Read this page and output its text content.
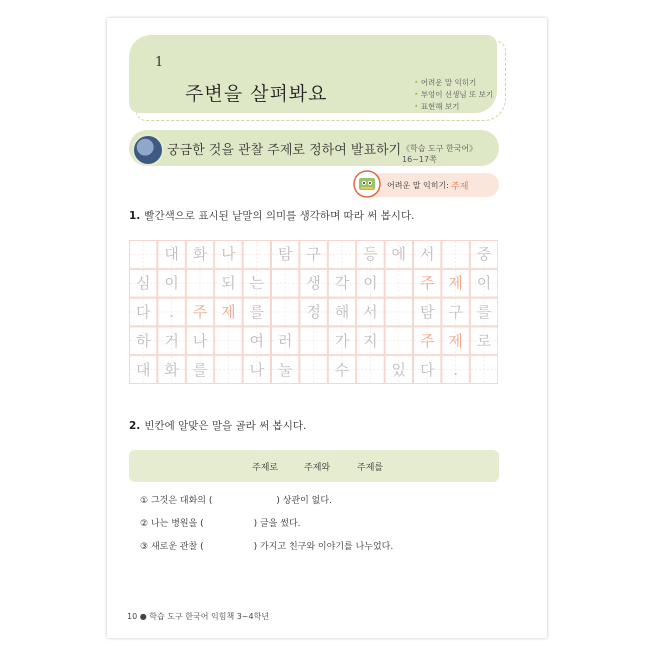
1
주변을 살펴봐요
• 어려운 말 익히기
• 부엉이 선생님 또 보기
• 표현해 보기
궁금한 것을 관찰 주제로 정하여 발표하기 《학습 도구 한국어》 16~17쪽
어려운 말 익히기: 주제
1. 빨간색으로 표시된 낱말의 의미를 생각하며 따라 써 봅시다.
대 화 나	탐 구	등 에 서	중
심 이	되 는	생 각 이	주 제 이
다	.	주 제 를	정 해 서	탐 구 를
하 거 나	여 러	가 지	주 제 로
대 화 를	나 눌	수	있 다	.
2. 빈칸에 알맞은 말을 골라 써 봅시다.
주제로	주제와	주제를
① 그것은 대화의 (	) 상관이 없다.
② 나는 병원을 (	) 글을 썼다.
③ 새로운 관찰 (	) 가지고 친구와 이야기를 나누었다.
10 ● 학습 도구 한국어 익힘책 3~4학년
